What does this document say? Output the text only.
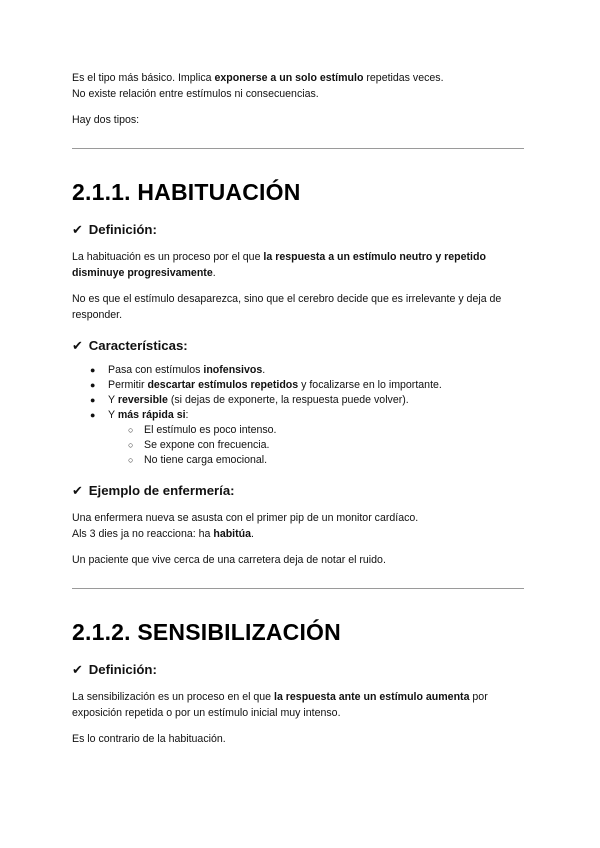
Es el tipo más básico. Implica exponerse a un solo estímulo repetidas veces.

No existe relación entre estímulos ni consecuencias.

Hay dos tipos:

2.1.1. HABITUACIÓN
✔ Definición:

La habituación es un proceso por el que la respuesta a un estímulo neutro y repetido
disminuye progresivamente.

No es que el estímulo desaparezca, sino que el cerebro decide que es irrelevante y deja de responder.

✔ Características:
● Pasa con estímulos inofensivos.
● Permitir descartar estímulos repetidos y focalizarse en lo importante.
● Y reversible (si dejas de exponerte, la respuesta puede volver).
● Y más rápida si:
○ El estímulo es poco intenso.
○ Se expone con frecuencia.
○ No tiene carga emocional.
✔ Ejemplo de enfermería:

Una enfermera nueva se asusta con el primer pip de un monitor cardíaco.

Als 3 dies ja no reacciona: ha habitúa.

Un paciente que vive cerca de una carretera deja de notar el ruido.

2.1.2. SENSIBILIZACIÓN
✔ Definición:

La sensibilización es un proceso en el que la respuesta ante un estímulo aumenta por exposición repetida o por un estímulo inicial muy intenso.

Es lo contrario de la habituación.
